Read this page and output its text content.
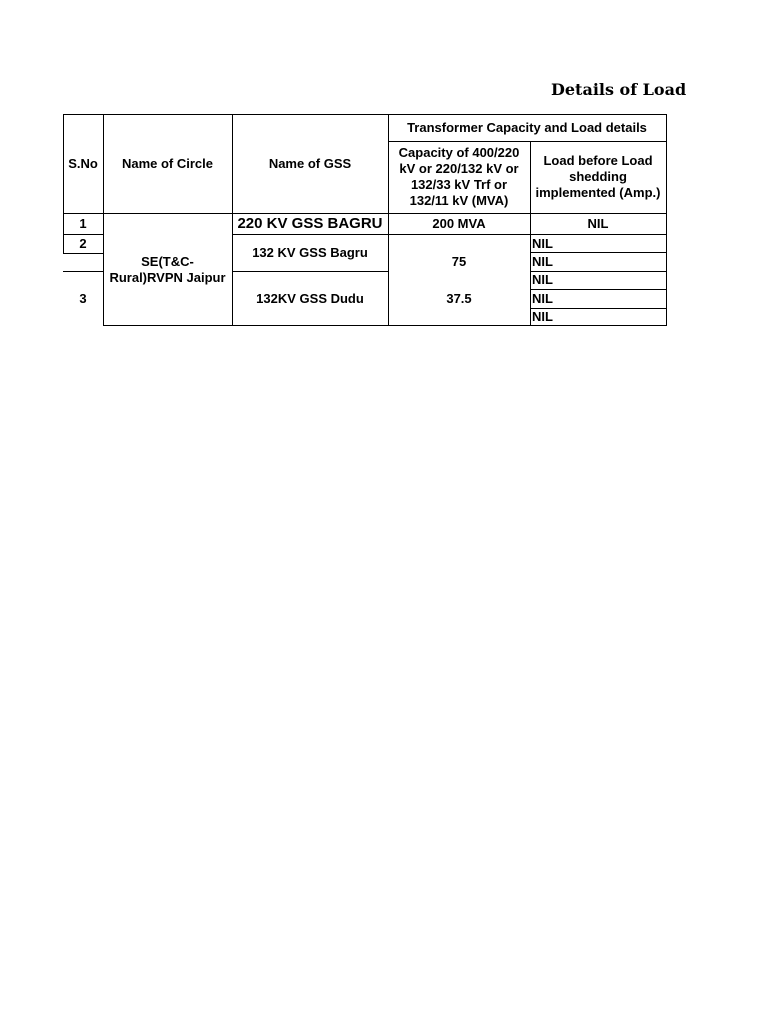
Details of Load
S.No	Name of Circle	Name of GSS
Transformer Capacity and Load details
Capacity of 400/220 kV or 220/132 kV or 132/33 kV Trf or 132/11 kV (MVA)
Load before Load shedding implemented (Amp.)
1
2
3
SE(T&C-Rural)RVPN Jaipur
220 KV GSS BAGRU
132 KV GSS Bagru
132KV GSS Dudu
200 MVA
75
37.5
NIL
NIL
NIL
NIL
NIL
NIL
